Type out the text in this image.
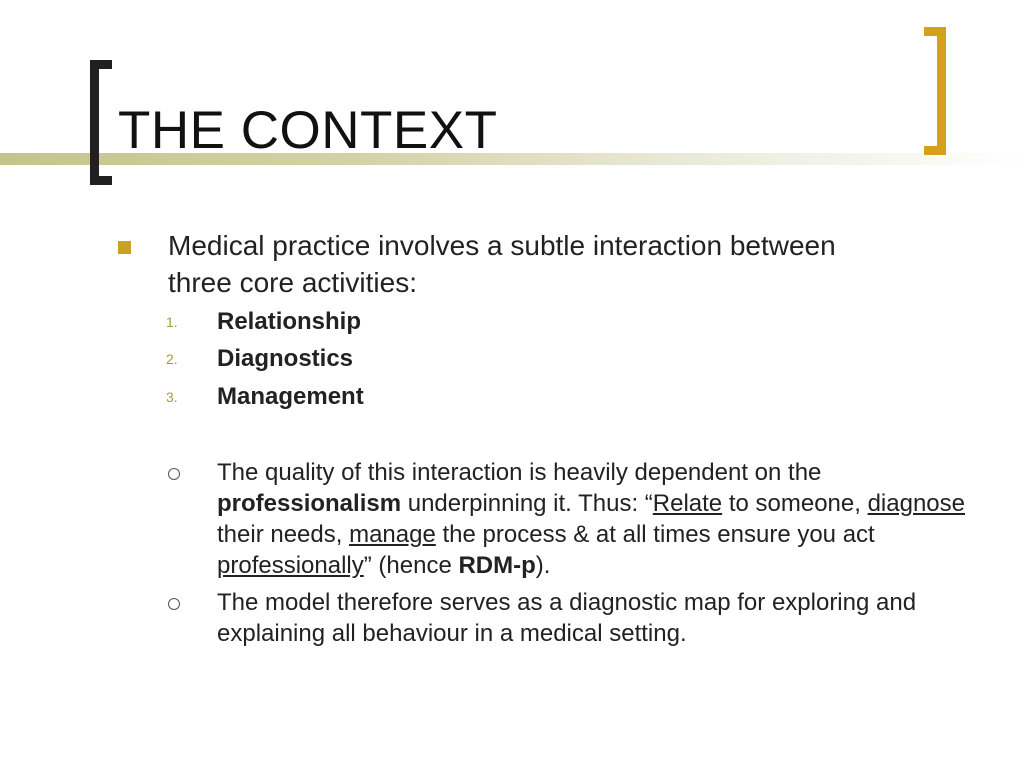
THE CONTEXT
Medical practice involves a subtle interaction between three core activities:
1. Relationship
2. Diagnostics
3. Management
The quality of this interaction is heavily dependent on the professionalism underpinning it. Thus: “Relate to someone, diagnose their needs, manage the process & at all times ensure you act professionally” (hence RDM-p).
The model therefore serves as a diagnostic map for exploring and explaining all behaviour in a medical setting.
